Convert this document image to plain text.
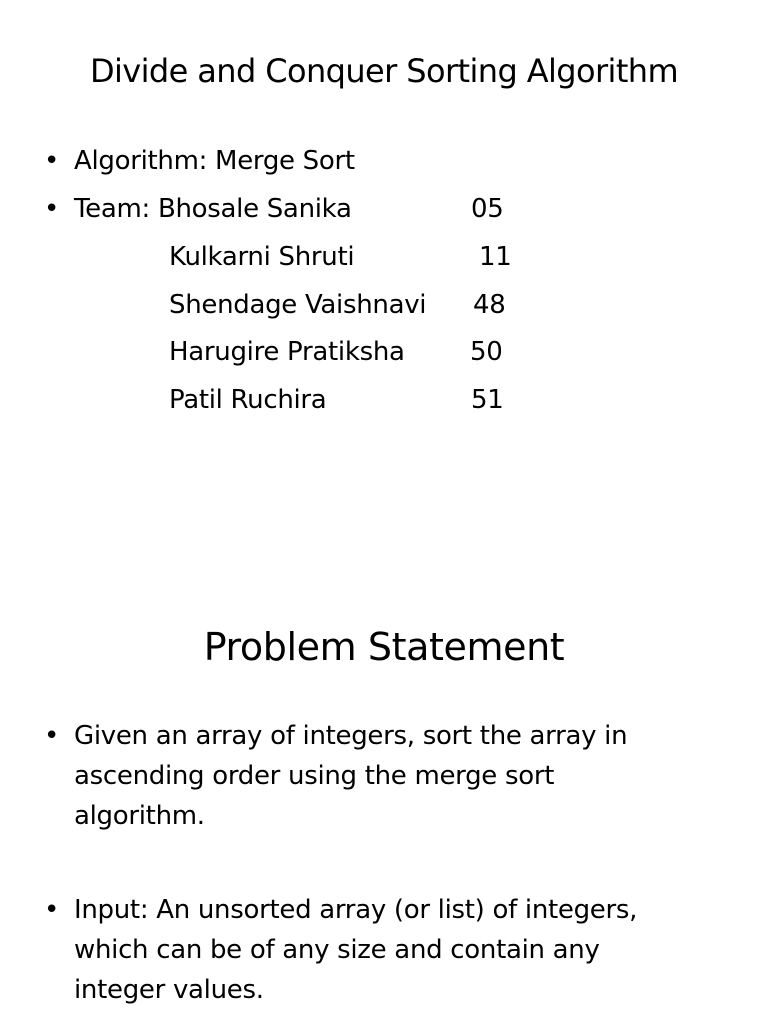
Divide and Conquer Sorting Algorithm
• Algorithm: Merge Sort
• Team: Bhosale Sanika	05
Kulkarni Shruti	11
Shendage Vaishnavi 48
Harugire Pratiksha	50
Patil Ruchira	51
Problem Statement
• Given an array of integers, sort the array in
ascending order using the merge sort
algorithm.
• Input: An unsorted array (or list) of integers,
which can be of any size and contain any
integer values.
